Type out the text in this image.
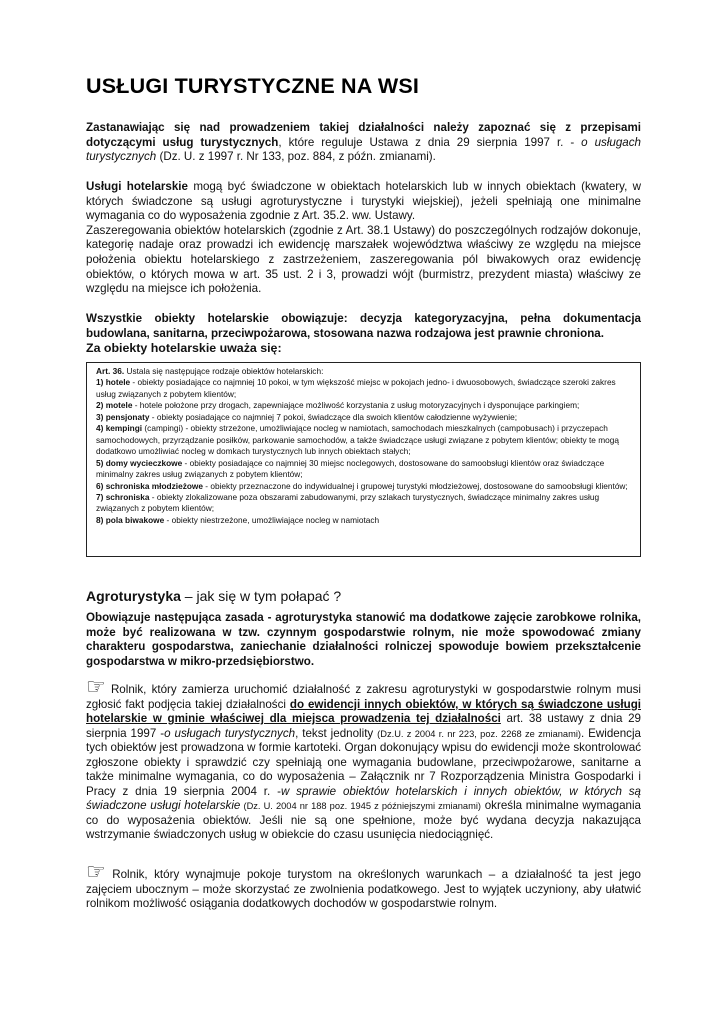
USŁUGI TURYSTYCZNE NA WSI

Zastanawiając się nad prowadzeniem takiej działalności należy zapoznać się z przepisami dotyczącymi usług turystycznych, które reguluje Ustawa z dnia 29 sierpnia 1997 r. - o usługach turystycznych (Dz. U. z 1997 r. Nr 133, poz. 884, z późn. zmianami).

Usługi hotelarskie mogą być świadczone w obiektach hotelarskich lub w innych obiektach (kwatery, w których świadczone są usługi agroturystyczne i turystyki wiejskiej), jeżeli spełniają one minimalne wymagania co do wyposażenia zgodnie z Art. 35.2. ww. Ustawy.
Zaszeregowania obiektów hotelarskich (zgodnie z Art. 38.1 Ustawy) do poszczególnych rodzajów dokonuje, kategorię nadaje oraz prowadzi ich ewidencję marszałek województwa właściwy ze względu na miejsce położenia obiektu hotelarskiego z zastrzeżeniem, zaszeregowania pól biwakowych oraz ewidencję obiektów, o których mowa w art. 35 ust. 2 i 3, prowadzi wójt (burmistrz, prezydent miasta) właściwy ze względu na miejsce ich położenia.

Wszystkie obiekty hotelarskie obowiązuje: decyzja kategoryzacyjna, pełna dokumentacja budowlana, sanitarna, przeciwpożarowa, stosowana nazwa rodzajowa jest prawnie chroniona.

Za obiekty hotelarskie uważa się:

Art. 36. Ustala się następujące rodzaje obiektów hotelarskich:

1) hotele - obiekty posiadające co najmniej 10 pokoi, w tym większość miejsc w pokojach jedno- i dwuosobowych, świadczące szeroki zakres usług związanych z pobytem klientów;

2) motele - hotele położone przy drogach, zapewniające możliwość korzystania z usług motoryzacyjnych i dysponujące parkingiem;

3) pensjonaty - obiekty posiadające co najmniej 7 pokoi, świadczące dla swoich klientów całodzienne wyżywienie;

4) kempingi (campingi) - obiekty strzeżone, umożliwiające nocleg w namiotach, samochodach mieszkalnych (campobusach) i przyczepach samochodowych, przyrządzanie posiłków, parkowanie samochodów, a także świadczące usługi związane z pobytem klientów; obiekty te mogą dodatkowo umożliwiać nocleg w domkach turystycznych lub innych obiektach stałych;

5) domy wycieczkowe - obiekty posiadające co najmniej 30 miejsc noclegowych, dostosowane do samoobsługi klientów oraz świadczące minimalny zakres usług związanych z pobytem klientów;

6) schroniska młodzieżowe - obiekty przeznaczone do indywidualnej i grupowej turystyki młodzieżowej, dostosowane do samoobsługi klientów;

7) schroniska - obiekty zlokalizowane poza obszarami zabudowanymi, przy szlakach turystycznych, świadczące minimalny zakres usług związanych z pobytem klientów;

8) pola biwakowe - obiekty niestrzeżone, umożliwiające nocleg w namiotach

Agroturystyka – jak się w tym połapać ?

Obowiązuje następująca zasada - agroturystyka stanowić ma dodatkowe zajęcie zarobkowe rolnika, może być realizowana w tzw. czynnym gospodarstwie rolnym, nie może spowodować zmiany charakteru gospodarstwa, zaniechanie działalności rolniczej spowoduje bowiem przekształcenie gospodarstwa w mikro-przedsiębiorstwo.

☞ Rolnik, który zamierza uruchomić działalność z zakresu agroturystyki w gospodarstwie rolnym musi zgłosić fakt podjęcia takiej działalności do ewidencji innych obiektów, w których są świadczone usługi hotelarskie w gminie właściwej dla miejsca prowadzenia tej działalności art. 38 ustawy z dnia 29 sierpnia 1997 -o usługach turystycznych, tekst jednolity (Dz.U. z 2004 r. nr 223, poz. 2268 ze zmianami). Ewidencja tych obiektów jest prowadzona w formie kartoteki. Organ dokonujący wpisu do ewidencji może skontrolować zgłoszone obiekty i sprawdzić czy spełniają one wymagania budowlane, przeciwpożarowe, sanitarne a także minimalne wymagania, co do wyposażenia – Załącznik nr 7 Rozporządzenia Ministra Gospodarki i Pracy z dnia 19 sierpnia 2004 r. -w sprawie obiektów hotelarskich i innych obiektów, w których są świadczone usługi hotelarskie (Dz. U. 2004 nr 188 poz. 1945 z późniejszymi zmianami) określa minimalne wymagania co do wyposażenia obiektów. Jeśli nie są one spełnione, może być wydana decyzja nakazująca wstrzymanie świadczonych usług w obiekcie do czasu usunięcia niedociągnięć.

☞ Rolnik, który wynajmuje pokoje turystom na określonych warunkach – a działalność ta jest jego zajęciem ubocznym – może skorzystać ze zwolnienia podatkowego. Jest to wyjątek uczyniony, aby ułatwić rolnikom możliwość osiągania dodatkowych dochodów w gospodarstwie rolnym.
